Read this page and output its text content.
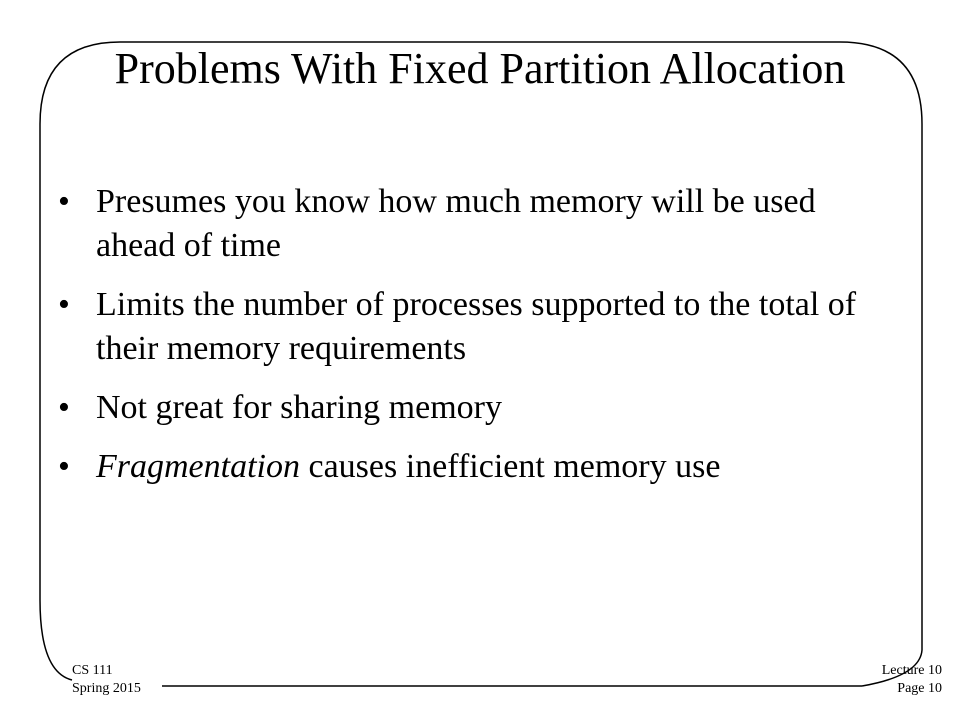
Problems With Fixed Partition Allocation
• Presumes you know how much memory will be used ahead of time
• Limits the number of processes supported to the total of their memory requirements
• Not great for sharing memory
• Fragmentation causes inefficient memory use
CS 111
Spring 2015
Lecture 10
Page 10
